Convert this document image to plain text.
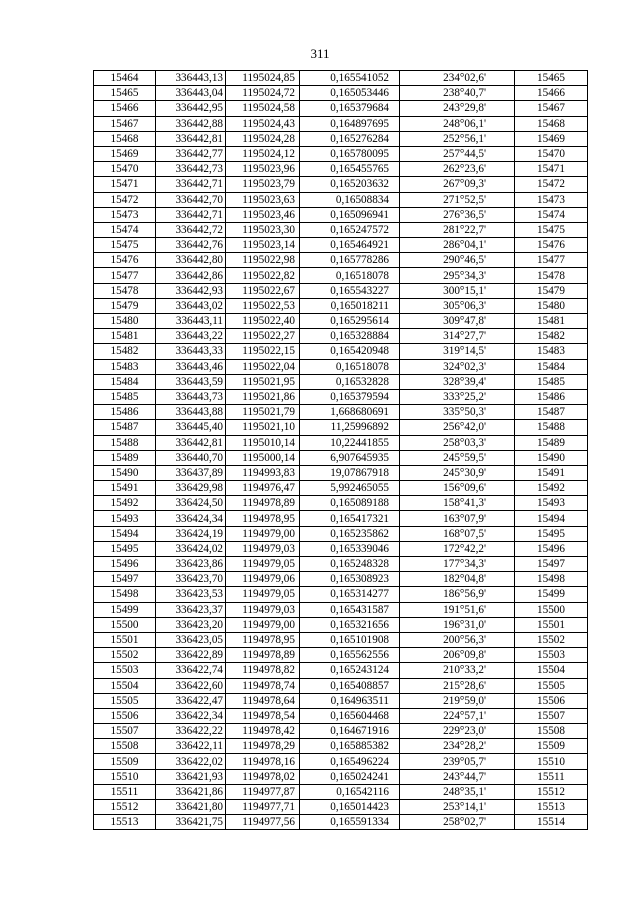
311
15464	336443,13	1195024,85	0,165541052	234°02,6'	15465
15465	336443,04	1195024,72	0,165053446	238°40,7'	15466
15466	336442,95	1195024,58	0,165379684	243°29,8'	15467
15467	336442,88	1195024,43	0,164897695	248°06,1'	15468
15468	336442,81	1195024,28	0,165276284	252°56,1'	15469
15469	336442,77	1195024,12	0,165780095	257°44,5'	15470
15470	336442,73	1195023,96	0,165455765	262°23,6'	15471
15471	336442,71	1195023,79	0,165203632	267°09,3'	15472
15472	336442,70	1195023,63	0,16508834	271°52,5'	15473
15473	336442,71	1195023,46	0,165096941	276°36,5'	15474
15474	336442,72	1195023,30	0,165247572	281°22,7'	15475
15475	336442,76	1195023,14	0,165464921	286°04,1'	15476
15476	336442,80	1195022,98	0,165778286	290°46,5'	15477
15477	336442,86	1195022,82	0,16518078	295°34,3'	15478
15478	336442,93	1195022,67	0,165543227	300°15,1'	15479
15479	336443,02	1195022,53	0,165018211	305°06,3'	15480
15480	336443,11	1195022,40	0,165295614	309°47,8'	15481
15481	336443,22	1195022,27	0,165328884	314°27,7'	15482
15482	336443,33	1195022,15	0,165420948	319°14,5'	15483
15483	336443,46	1195022,04	0,16518078	324°02,3'	15484
15484	336443,59	1195021,95	0,16532828	328°39,4'	15485
15485	336443,73	1195021,86	0,165379594	333°25,2'	15486
15486	336443,88	1195021,79	1,668680691	335°50,3'	15487
15487	336445,40	1195021,10	11,25996892	256°42,0'	15488
15488	336442,81	1195010,14	10,22441855	258°03,3'	15489
15489	336440,70	1195000,14	6,907645935	245°59,5'	15490
15490	336437,89	1194993,83	19,07867918	245°30,9'	15491
15491	336429,98	1194976,47	5,992465055	156°09,6'	15492
15492	336424,50	1194978,89	0,165089188	158°41,3'	15493
15493	336424,34	1194978,95	0,165417321	163°07,9'	15494
15494	336424,19	1194979,00	0,165235862	168°07,5'	15495
15495	336424,02	1194979,03	0,165339046	172°42,2'	15496
15496	336423,86	1194979,05	0,165248328	177°34,3'	15497
15497	336423,70	1194979,06	0,165308923	182°04,8'	15498
15498	336423,53	1194979,05	0,165314277	186°56,9'	15499
15499	336423,37	1194979,03	0,165431587	191°51,6'	15500
15500	336423,20	1194979,00	0,165321656	196°31,0'	15501
15501	336423,05	1194978,95	0,165101908	200°56,3'	15502
15502	336422,89	1194978,89	0,165562556	206°09,8'	15503
15503	336422,74	1194978,82	0,165243124	210°33,2'	15504
15504	336422,60	1194978,74	0,165408857	215°28,6'	15505
15505	336422,47	1194978,64	0,164963511	219°59,0'	15506
15506	336422,34	1194978,54	0,165604468	224°57,1'	15507
15507	336422,22	1194978,42	0,164671916	229°23,0'	15508
15508	336422,11	1194978,29	0,165885382	234°28,2'	15509
15509	336422,02	1194978,16	0,165496224	239°05,7'	15510
15510	336421,93	1194978,02	0,165024241	243°44,7'	15511
15511	336421,86	1194977,87	0,16542116	248°35,1'	15512
15512	336421,80	1194977,71	0,165014423	253°14,1'	15513
15513	336421,75	1194977,56	0,165591334	258°02,7'	15514
